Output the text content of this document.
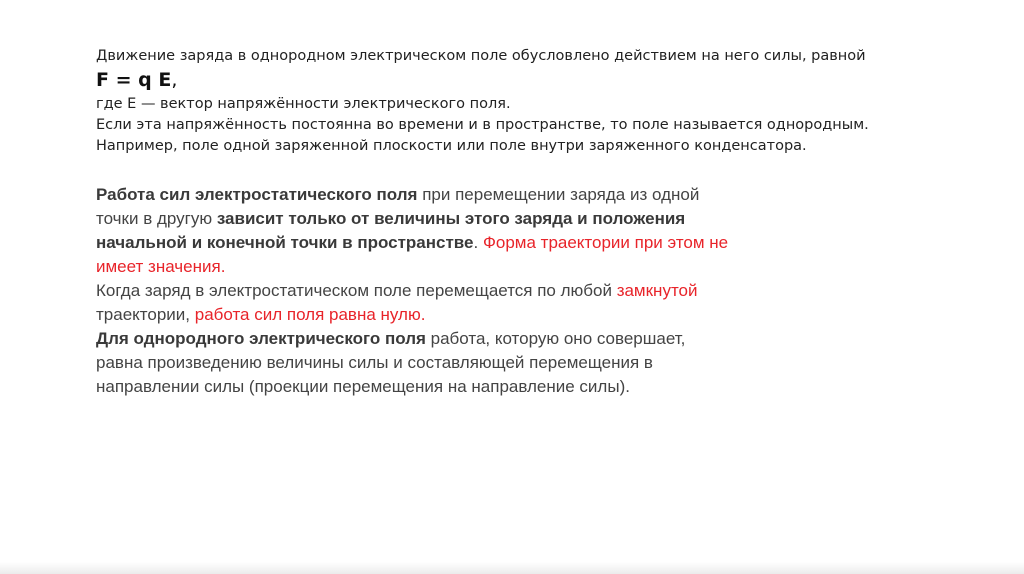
Движение заряда в однородном электрическом поле обусловлено действием на него силы, равной
F = q E,
где E — вектор напряжённости электрического поля.
Если эта напряжённость постоянна во времени и в пространстве, то поле называется однородным.
Например, поле одной заряженной плоскости или поле внутри заряженного конденсатора.
Работа сил электростатического поля при перемещении заряда из одной
точки в другую зависит только от величины этого заряда и положения
начальной и конечной точки в пространстве. Форма траектории при этом не
имеет значения.
Когда заряд в электростатическом поле перемещается по любой замкнутой
траектории, работа сил поля равна нулю.
Для однородного электрического поля работа, которую оно совершает,
равна произведению величины силы и составляющей перемещения в
направлении силы (проекции перемещения на направление силы).
